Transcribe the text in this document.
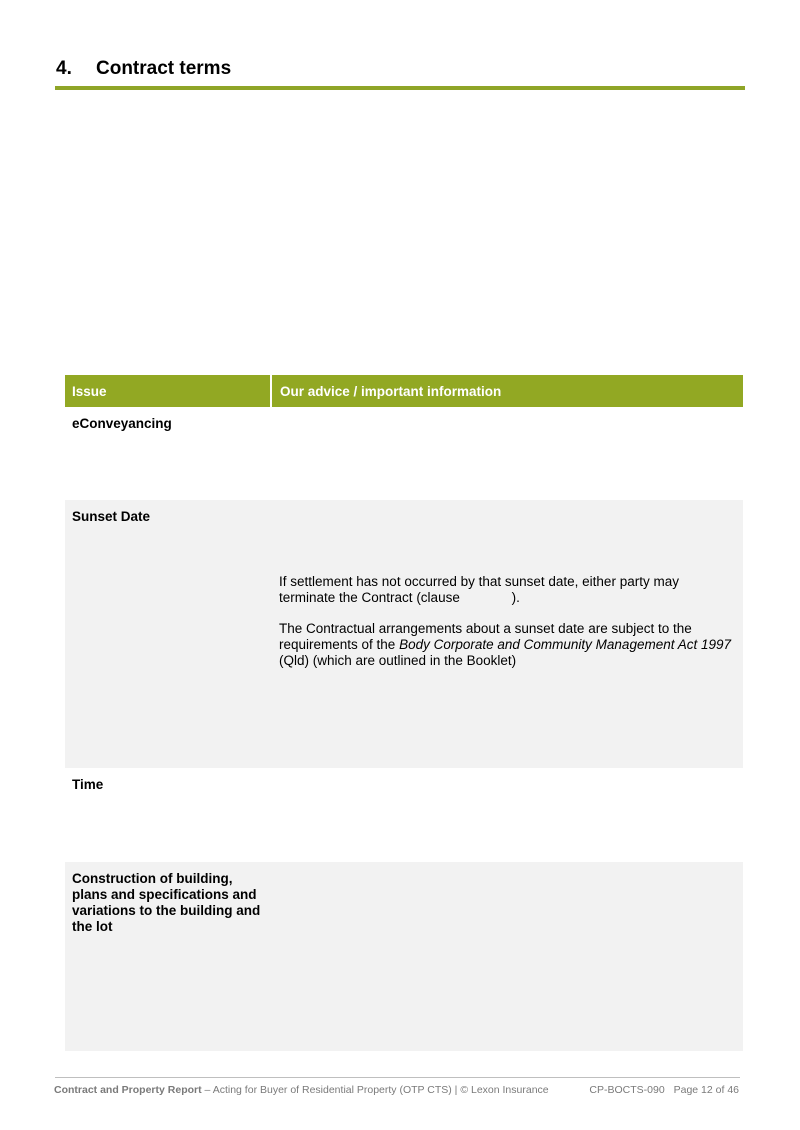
4. Contract terms
Issue	Our advice / important information
eConveyancing	
Sunset Date	If settlement has not occurred by that sunset date, either party may terminate the Contract (clause ).

The Contractual arrangements about a sunset date are subject to the requirements of the Body Corporate and Community Management Act 1997 (Qld) (which are outlined in the Booklet)

Time	
Construction of building, plans and specifications and variations to the building and the lot	
Contract and Property Report – Acting for Buyer of Residential Property (OTP CTS) | © Lexon Insurance	CP-BOCTS-090 Page 12 of 46
